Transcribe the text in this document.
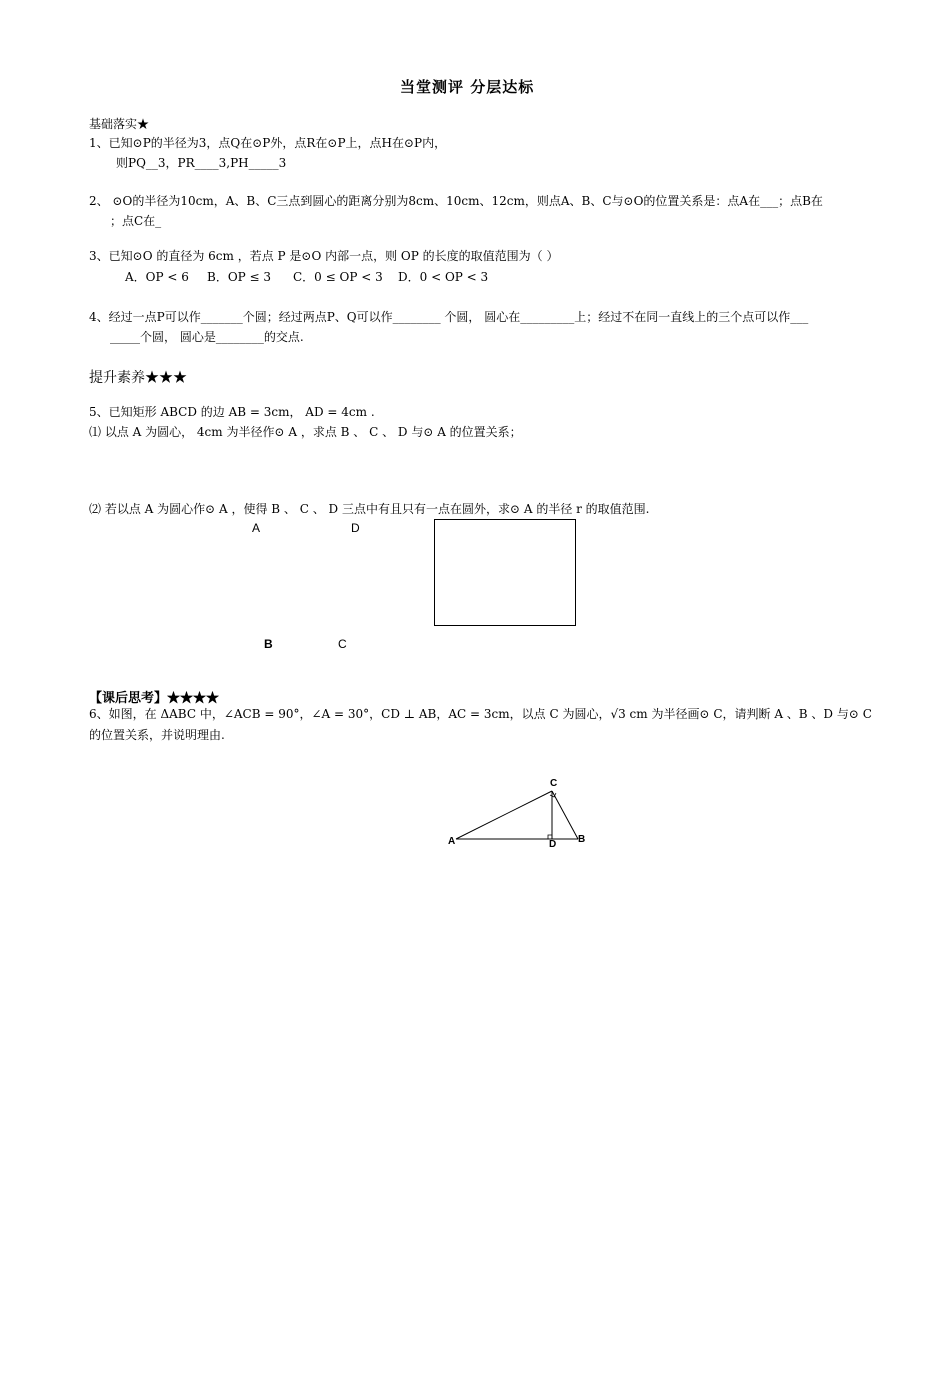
当堂测评 分层达标
基础落实★
1、已知⊙P的半径为3，点Q在⊙P外，点R在⊙P上，点H在⊙P内，
则PQ__3，PR____3,PH_____3
2、 ⊙O的半径为10cm，A、B、C三点到圆心的距离分别为8cm、10cm、12cm，则点A、B、C与⊙O的位置关系是：点A在___；点B在
；点C在_
3、已知⊙O 的直径为 6cm ，若点 P 是⊙O 内部一点，则 OP 的长度的取值范围为（ ）
A．OP < 6 B．OP ≤ 3 C．0 ≤ OP < 3 D．0 < OP < 3
4、经过一点P可以作_______个圆；经过两点P、Q可以作________ 个圆， 圆心在_________上；经过不在同一直线上的三个点可以作___
_____个圆， 圆心是________的交点.
提升素养★★★
5、已知矩形 ABCD 的边 AB = 3cm， AD = 4cm .
⑴ 以点 A 为圆心， 4cm 为半径作⊙ A ，求点 B 、 C 、 D 与⊙ A 的位置关系；
⑵ 若以点 A 为圆心作⊙ A ，使得 B 、 C 、 D 三点中有且只有一点在圆外，求⊙ A 的半径 r 的取值范围.
A	D
B	C
【课后思考】★★★★
6、如图，在 ΔABC 中，∠ACB = 90°，∠A = 30°，CD ⊥ AB，AC = 3cm，以点 C 为圆心，√3 cm 为半径画⊙ C，请判断 A 、B 、D 与⊙ C
的位置关系，并说明理由.
A	B
C
D
